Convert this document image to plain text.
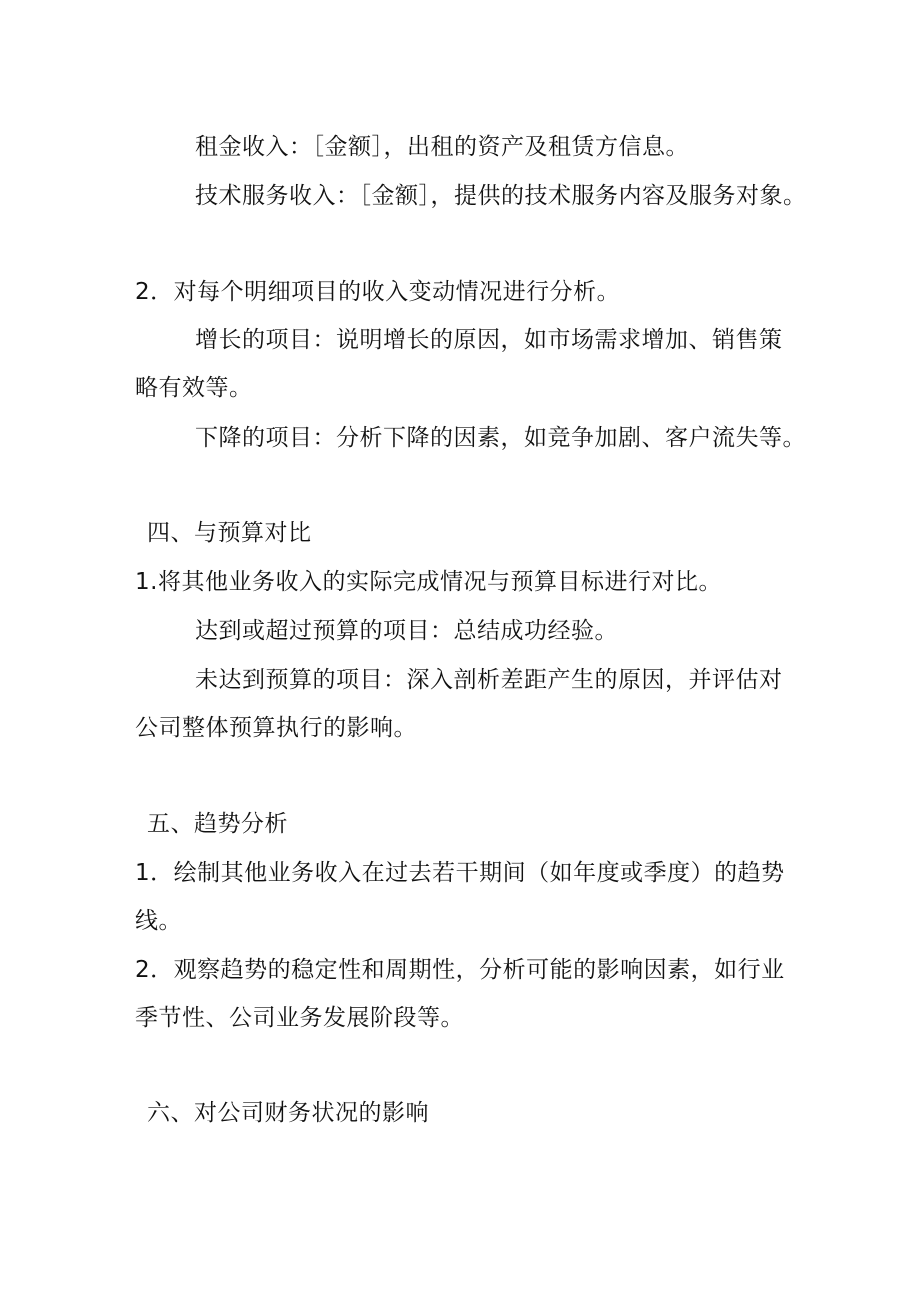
租金收入：［金额］，出租的资产及租赁方信息。
技术服务收入：［金额］，提供的技术服务内容及服务对象。
2．对每个明细项目的收入变动情况进行分析。
增长的项目：说明增长的原因，如市场需求增加、销售策
略有效等。
下降的项目：分析下降的因素，如竞争加剧、客户流失等。
四、与预算对比
1.将其他业务收入的实际完成情况与预算目标进行对比。
达到或超过预算的项目：总结成功经验。
未达到预算的项目：深入剖析差距产生的原因，并评估对
公司整体预算执行的影响。
五、趋势分析
1．绘制其他业务收入在过去若干期间（如年度或季度）的趋势
线。
2．观察趋势的稳定性和周期性，分析可能的影响因素，如行业
季节性、公司业务发展阶段等。
六、对公司财务状况的影响
